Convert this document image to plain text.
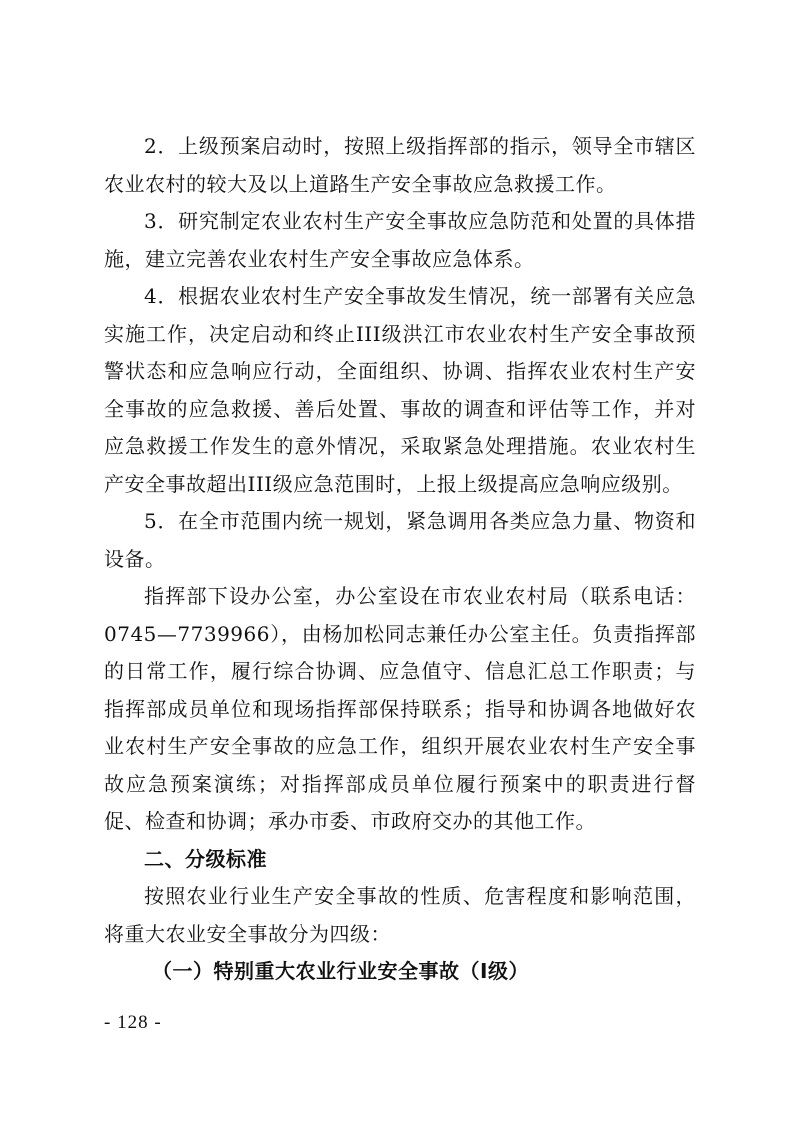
2．上级预案启动时，按照上级指挥部的指示，领导全市辖区农业农村的较大及以上道路生产安全事故应急救援工作。

3．研究制定农业农村生产安全事故应急防范和处置的具体措施，建立完善农业农村生产安全事故应急体系。

4．根据农业农村生产安全事故发生情况，统一部署有关应急实施工作，决定启动和终止III级洪江市农业农村生产安全事故预警状态和应急响应行动，全面组织、协调、指挥农业农村生产安全事故的应急救援、善后处置、事故的调查和评估等工作，并对应急救援工作发生的意外情况，采取紧急处理措施。农业农村生产安全事故超出III级应急范围时，上报上级提高应急响应级别。

5．在全市范围内统一规划，紧急调用各类应急力量、物资和设备。

指挥部下设办公室，办公室设在市农业农村局（联系电话：0745—7739966），由杨加松同志兼任办公室主任。负责指挥部的日常工作，履行综合协调、应急值守、信息汇总工作职责；与指挥部成员单位和现场指挥部保持联系；指导和协调各地做好农业农村生产安全事故的应急工作，组织开展农业农村生产安全事故应急预案演练；对指挥部成员单位履行预案中的职责进行督促、检查和协调；承办市委、市政府交办的其他工作。

二、分级标准

按照农业行业生产安全事故的性质、危害程度和影响范围，将重大农业安全事故分为四级：

（一）特别重大农业行业安全事故（I级）

- 128 -
